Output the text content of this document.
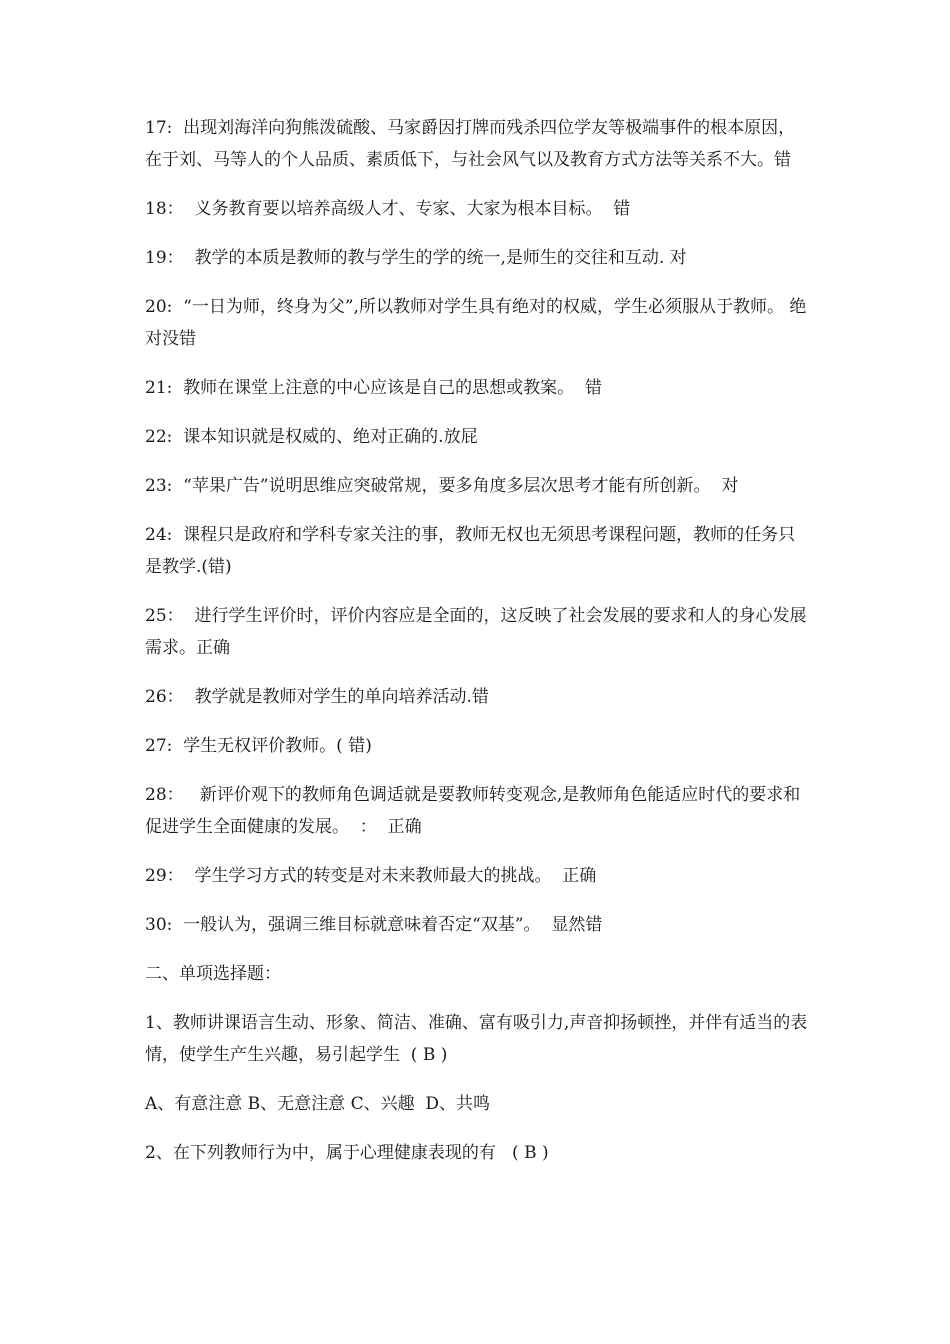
17:  出现刘海洋向狗熊泼硫酸、马家爵因打牌而残杀四位学友等极端事件的根本原因，在于刘、马等人的个人品质、素质低下，与社会风气以及教育方式方法等关系不大。错

18：  义务教育要以培养高级人才、专家、大家为根本目标。  错

19：  教学的本质是教师的教与学生的学的统一,是师生的交往和互动. 对

20:  “一日为师，终身为父”,所以教师对学生具有绝对的权威，学生必须服从于教师。 绝对没错

21:  教师在课堂上注意的中心应该是自己的思想或教案。  错

22:  课本知识就是权威的、绝对正确的.放屁

23:  “苹果广告”说明思维应突破常规，要多角度多层次思考才能有所创新。  对

24:  课程只是政府和学科专家关注的事，教师无权也无须思考课程问题，教师的任务只是教学.(错)

25：  进行学生评价时，评价内容应是全面的，这反映了社会发展的要求和人的身心发展需求。正确

26：  教学就是教师对学生的单向培养活动.错

27:  学生无权评价教师。( 错)

28：   新评价观下的教师角色调适就是要教师转变观念,是教师角色能适应时代的要求和促进学生全面健康的发展。  ：  正确

29：  学生学习方式的转变是对未来教师最大的挑战。  正确

30:  一般认为，强调三维目标就意味着否定“双基”。  显然错

二、单项选择题：

1、教师讲课语言生动、形象、简洁、准确、富有吸引力,声音抑扬顿挫，并伴有适当的表情，使学生产生兴趣，易引起学生  ( B )

A、有意注意 B、无意注意 C、兴趣  D、共鸣

2、在下列教师行为中，属于心理健康表现的有   ( B )
